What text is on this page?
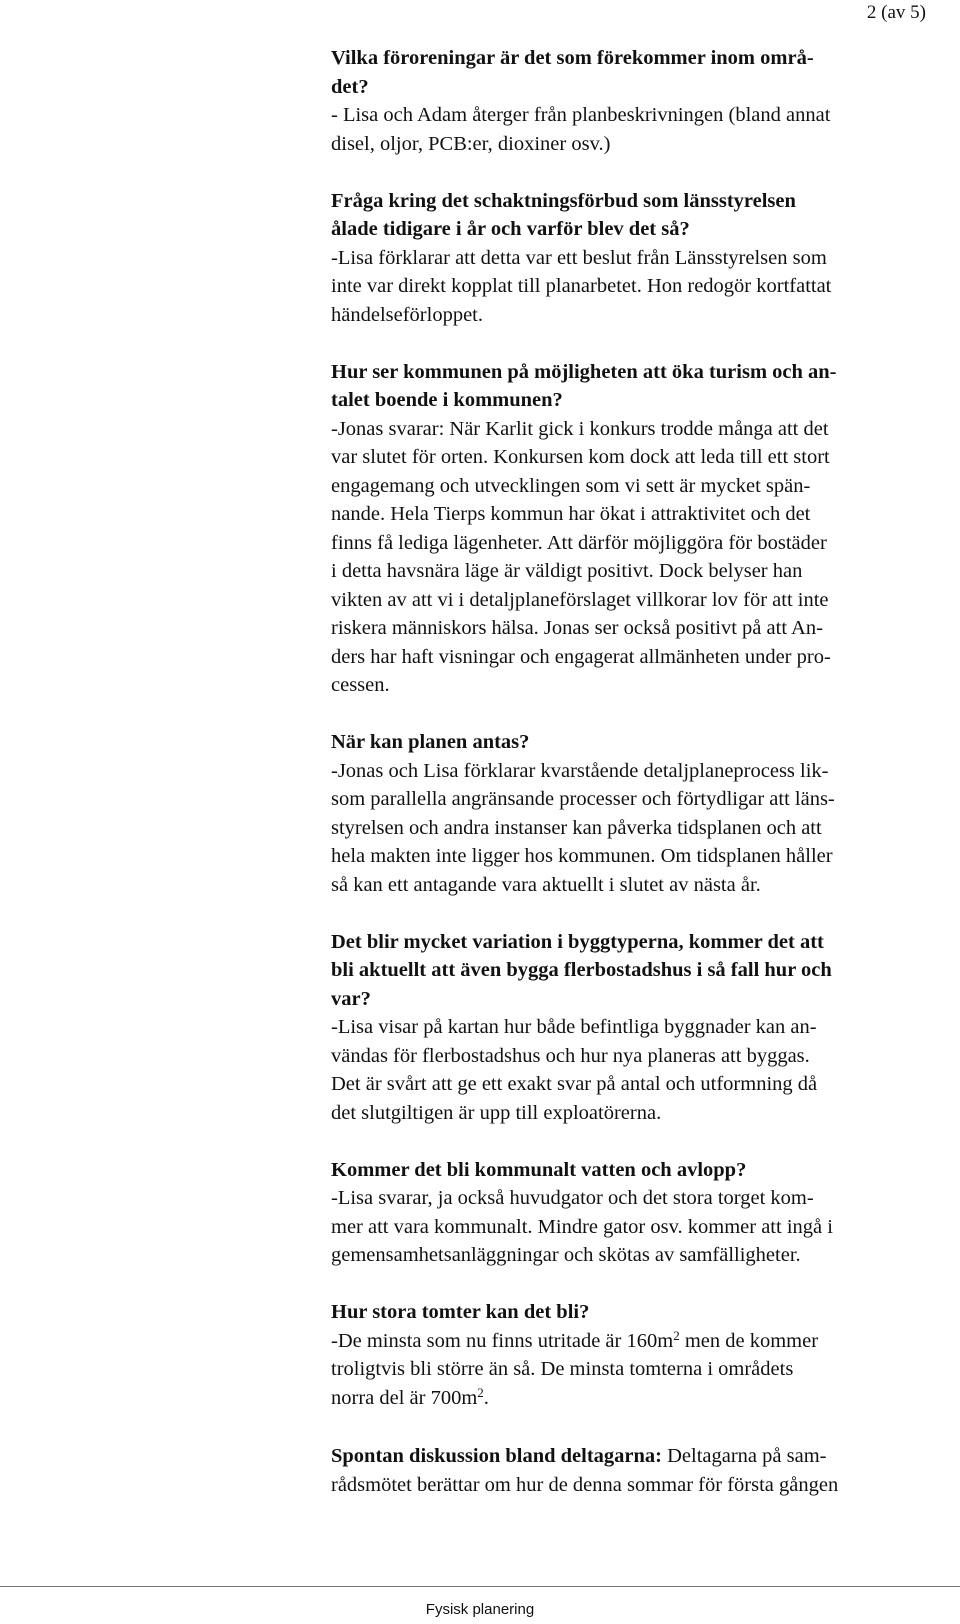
2 (av 5)

Vilka föroreningar är det som förekommer inom områ-
det?

- Lisa och Adam återger från planbeskrivningen (bland annat
disel, oljor, PCB:er, dioxiner osv.)

Fråga kring det schaktningsförbud som länsstyrelsen
ålade tidigare i år och varför blev det så?

-Lisa förklarar att detta var ett beslut från Länsstyrelsen som
inte var direkt kopplat till planarbetet. Hon redogör kortfattat
händelseförloppet.

Hur ser kommunen på möjligheten att öka turism och an-
talet boende i kommunen?

-Jonas svarar: När Karlit gick i konkurs trodde många att det
var slutet för orten. Konkursen kom dock att leda till ett stort
engagemang och utvecklingen som vi sett är mycket spän-
nande. Hela Tierps kommun har ökat i attraktivitet och det
finns få lediga lägenheter. Att därför möjliggöra för bostäder
i detta havsnära läge är väldigt positivt. Dock belyser han
vikten av att vi i detaljplaneförslaget villkorar lov för att inte
riskera människors hälsa. Jonas ser också positivt på att An-
ders har haft visningar och engagerat allmänheten under pro-
cessen.

När kan planen antas?

-Jonas och Lisa förklarar kvarstående detaljplaneprocess lik-
som parallella angränsande processer och förtydligar att läns-
styrelsen och andra instanser kan påverka tidsplanen och att
hela makten inte ligger hos kommunen. Om tidsplanen håller
så kan ett antagande vara aktuellt i slutet av nästa år.

Det blir mycket variation i byggtyperna, kommer det att
bli aktuellt att även bygga flerbostadshus i så fall hur och
var?

-Lisa visar på kartan hur både befintliga byggnader kan an-
vändas för flerbostadshus och hur nya planeras att byggas.
Det är svårt att ge ett exakt svar på antal och utformning då
det slutgiltigen är upp till exploatörerna.

Kommer det bli kommunalt vatten och avlopp?

-Lisa svarar, ja också huvudgator och det stora torget kom-
mer att vara kommunalt. Mindre gator osv. kommer att ingå i
gemensamhetsanläggningar och skötas av samfälligheter.

Hur stora tomter kan det bli?

-De minsta som nu finns utritade är $160m^2$ men de kommer
troligtvis bli större än så. De minsta tomterna i områdets
norra del är $700m^2$.

Spontan diskussion bland deltagarna: Deltagarna på sam-
rådsmötet berättar om hur de denna sommar för första gången

Fysisk planering
